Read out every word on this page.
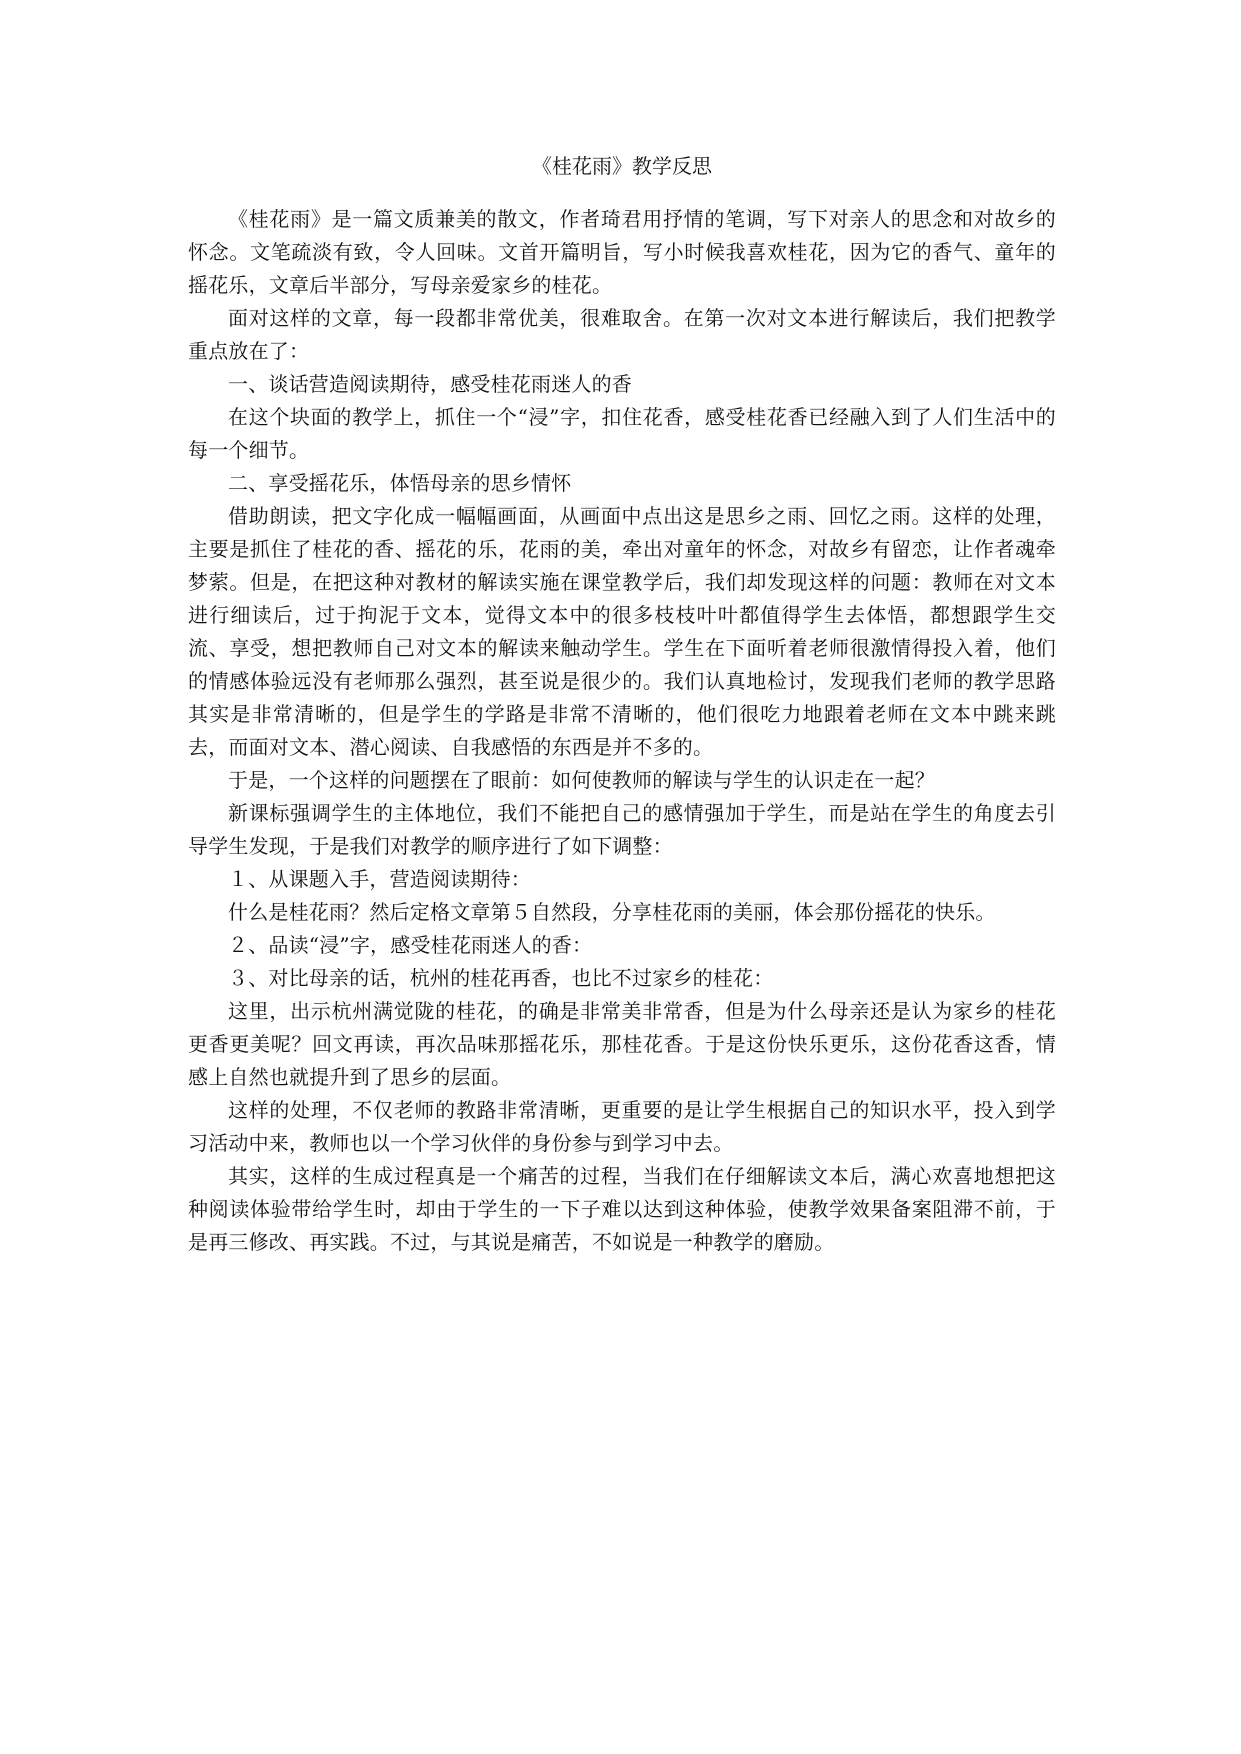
《桂花雨》教学反思

《桂花雨》是一篇文质兼美的散文，作者琦君用抒情的笔调，写下对亲人的思念和对故乡的怀念。文笔疏淡有致，令人回味。文首开篇明旨，写小时候我喜欢桂花，因为它的香气、童年的摇花乐，文章后半部分，写母亲爱家乡的桂花。

面对这样的文章，每一段都非常优美，很难取舍。在第一次对文本进行解读后，我们把教学重点放在了：

一、谈话营造阅读期待，感受桂花雨迷人的香

在这个块面的教学上，抓住一个“浸”字，扣住花香，感受桂花香已经融入到了人们生活中的每一个细节。

二、享受摇花乐，体悟母亲的思乡情怀

借助朗读，把文字化成一幅幅画面，从画面中点出这是思乡之雨、回忆之雨。这样的处理，主要是抓住了桂花的香、摇花的乐，花雨的美，牵出对童年的怀念，对故乡有留恋，让作者魂牵梦萦。但是，在把这种对教材的解读实施在课堂教学后，我们却发现这样的问题：教师在对文本进行细读后，过于拘泥于文本，觉得文本中的很多枝枝叶叶都值得学生去体悟，都想跟学生交流、享受，想把教师自己对文本的解读来触动学生。学生在下面听着老师很激情得投入着，他们的情感体验远没有老师那么强烈，甚至说是很少的。我们认真地检讨，发现我们老师的教学思路其实是非常清晰的，但是学生的学路是非常不清晰的，他们很吃力地跟着老师在文本中跳来跳去，而面对文本、潜心阅读、自我感悟的东西是并不多的。

于是，一个这样的问题摆在了眼前：如何使教师的解读与学生的认识走在一起？

新课标强调学生的主体地位，我们不能把自己的感情强加于学生，而是站在学生的角度去引导学生发现，于是我们对教学的顺序进行了如下调整：

１、从课题入手，营造阅读期待：

什么是桂花雨？然后定格文章第５自然段，分享桂花雨的美丽，体会那份摇花的快乐。

２、品读“浸”字，感受桂花雨迷人的香：

３、对比母亲的话，杭州的桂花再香，也比不过家乡的桂花：

这里，出示杭州满觉陇的桂花，的确是非常美非常香，但是为什么母亲还是认为家乡的桂花更香更美呢？回文再读，再次品味那摇花乐，那桂花香。于是这份快乐更乐，这份花香这香，情感上自然也就提升到了思乡的层面。

这样的处理，不仅老师的教路非常清晰，更重要的是让学生根据自己的知识水平，投入到学习活动中来，教师也以一个学习伙伴的身份参与到学习中去。

其实，这样的生成过程真是一个痛苦的过程，当我们在仔细解读文本后，满心欢喜地想把这种阅读体验带给学生时，却由于学生的一下子难以达到这种体验，使教学效果备案阻滞不前，于是再三修改、再实践。不过，与其说是痛苦，不如说是一种教学的磨励。
